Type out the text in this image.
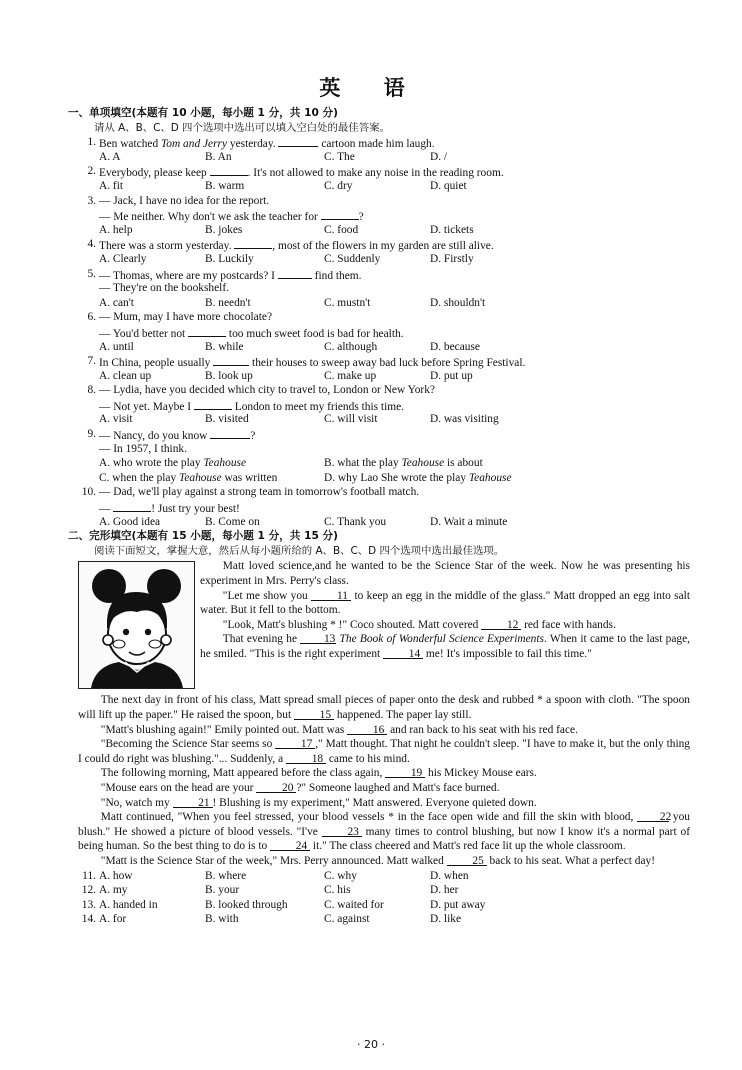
英 语
一、单项填空(本题有 10 小题，每小题 1 分，共 10 分)
请从 A、B、C、D 四个选项中选出可以填入空白处的最佳答案。
1. Ben watched Tom and Jerry yesterday.	cartoon made him laugh.
A. A	B. An	C. The	D. /
2. Everybody, please keep	. It's not allowed to make any noise in the reading room.
A. fit	B. warm	C. dry	D. quiet
3. — Jack, I have no idea for the report.
— Me neither. Why don't we ask the teacher for	?
A. help	B. jokes	C. food	D. tickets
4. There was a storm yesterday.	, most of the flowers in my garden are still alive.
A. Clearly	B. Luckily	C. Suddenly	D. Firstly
5. — Thomas, where are my postcards? I	find them.
— They're on the bookshelf.
A. can't	B. needn't	C. mustn't	D. shouldn't
6. — Mum, may I have more chocolate?
— You'd better not	too much sweet food is bad for health.
A. until	B. while	C. although	D. because
7. In China, people usually	their houses to sweep away bad luck before Spring Festival.
A. clean up	B. look up	C. make up	D. put up
8. — Lydia, have you decided which city to travel to, London or New York?
— Not yet. Maybe I	London to meet my friends this time.
A. visit	B. visited	C. will visit	D. was visiting
9. — Nancy, do you know	?
— In 1957, I think.
A. who wrote the play Teahouse	B. what the play Teahouse is about
C. when the play Teahouse was written	D. why Lao She wrote the play Teahouse
10. — Dad, we'll play against a strong team in tomorrow's football match.
—	! Just try your best!
A. Good idea	B. Come on	C. Thank you	D. Wait a minute
二、完形填空(本题有 15 小题，每小题 1 分，共 15 分)
阅读下面短文，掌握大意，然后从每小题所给的 A、B、C、D 四个选项中选出最佳选项。
Matt loved science,and he wanted to be the Science Star of the week. Now he was presenting his experiment in Mrs. Perry's class.
"Let me show you 11 to keep an egg in the middle of the glass." Matt dropped an egg into salt water. But it fell to the bottom.
"Look, Matt's blushing * !" Coco shouted. Matt covered 12 red face with hands.
That evening he 13 The Book of Wonderful Science Experiments. When it came to the last page, he smiled. "This is the right experiment 14 me! It's impossible to fail this time."
The next day in front of his class, Matt spread small pieces of paper onto the desk and rubbed * a spoon with cloth. "The spoon will lift up the paper." He raised the spoon, but 15 happened. The paper lay still.
"Matt's blushing again!" Emily pointed out. Matt was 16 and ran back to his seat with his red face.
"Becoming the Science Star seems so 17 ," Matt thought. That night he couldn't sleep. "I have to make it, but the only thing I could do right was blushing."... Suddenly, a 18 came to his mind.
The following morning, Matt appeared before the class again, 19 his Mickey Mouse ears.
"Mouse ears on the head are your 20 ?" Someone laughed and Matt's face burned.
"No, watch my 21 ! Blushing is my experiment," Matt answered. Everyone quieted down.
Matt continued, "When you feel stressed, your blood vessels * in the face open wide and fill the skin with blood, 22 you blush." He showed a picture of blood vessels. "I've 23 many times to control blushing, but now I know it's a normal part of being human. So the best thing to do is to 24 it." The class cheered and Matt's red face lit up the whole classroom.
"Matt is the Science Star of the week," Mrs. Perry announced. Matt walked 25 back to his seat. What a perfect day!
11. A. how	B. where	C. why	D. when
12. A. my	B. your	C. his	D. her
13. A. handed in	B. looked through	C. waited for	D. put away
14. A. for	B. with	C. against	D. like
· 20 ·
